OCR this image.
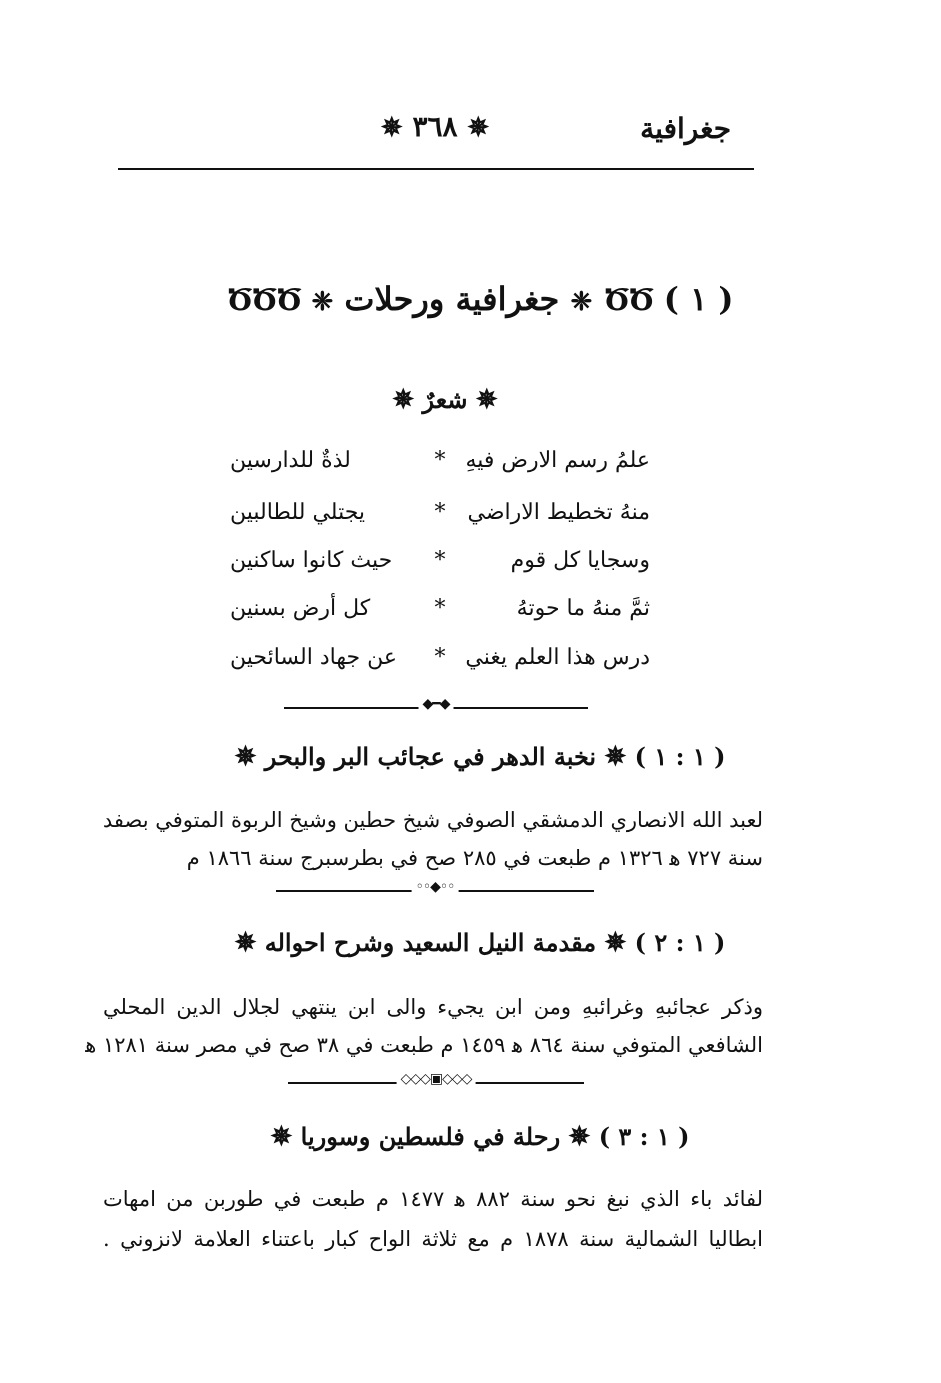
جغرافية
✵ ٣٦٨ ✵
( ١ ) ԾԾ ❈ جغرافية ورحلات ❈ ԾԾԾ
✵ شعرٌ ✵
علمُ رسم الارض فيهِ
*
لذةٌ للدارسين
منهُ تخطيط الاراضي
*
يجتلي للطالبين
وسجايا كل قوم
*
حيث كانوا ساكنين
ثمَّ منهُ ما حوتهُ
*
كل أرض بسنين
درس هذا العلم يغني
*
عن جهاد السائحين
◆━◆
( ١ : ١ ) ✵ نخبة الدهر في عجائب البر والبحر ✵
لعبد الله الانصاري الدمشقي الصوفي شيخ حطين وشيخ الربوة المتوفي بصفد
سنة ٧٢٧ ﻫ ١٣٢٦ م طبعت في ٢٨٥ صح في بطرسبرج سنة ١٨٦٦ م
◦◦◆◦◦
( ١ : ٢ ) ✵ مقدمة النيل السعيد وشرح احواله ✵
وذكر عجائبهِ وغرائبهِ ومن ابن يجيء والى ابن ينتهي لجلال الدين المحلي
الشافعي المتوفي سنة ٨٦٤ ﻫ ١٤٥٩ م طبعت في ٣٨ صح في مصر سنة ١٢٨١ ﻫ
◇◇◇▣◇◇◇
( ١ : ٣ ) ✵ رحلة في فلسطين وسوريا ✵
لفائد باء الذي نبغ نحو سنة ٨٨٢ ﻫ ١٤٧٧ م طبعت في طوربن من امهات
ابطاليا الشمالية سنة ١٨٧٨ م مع ثلاثة الواح كبار باعتناء العلامة لانزوني .
